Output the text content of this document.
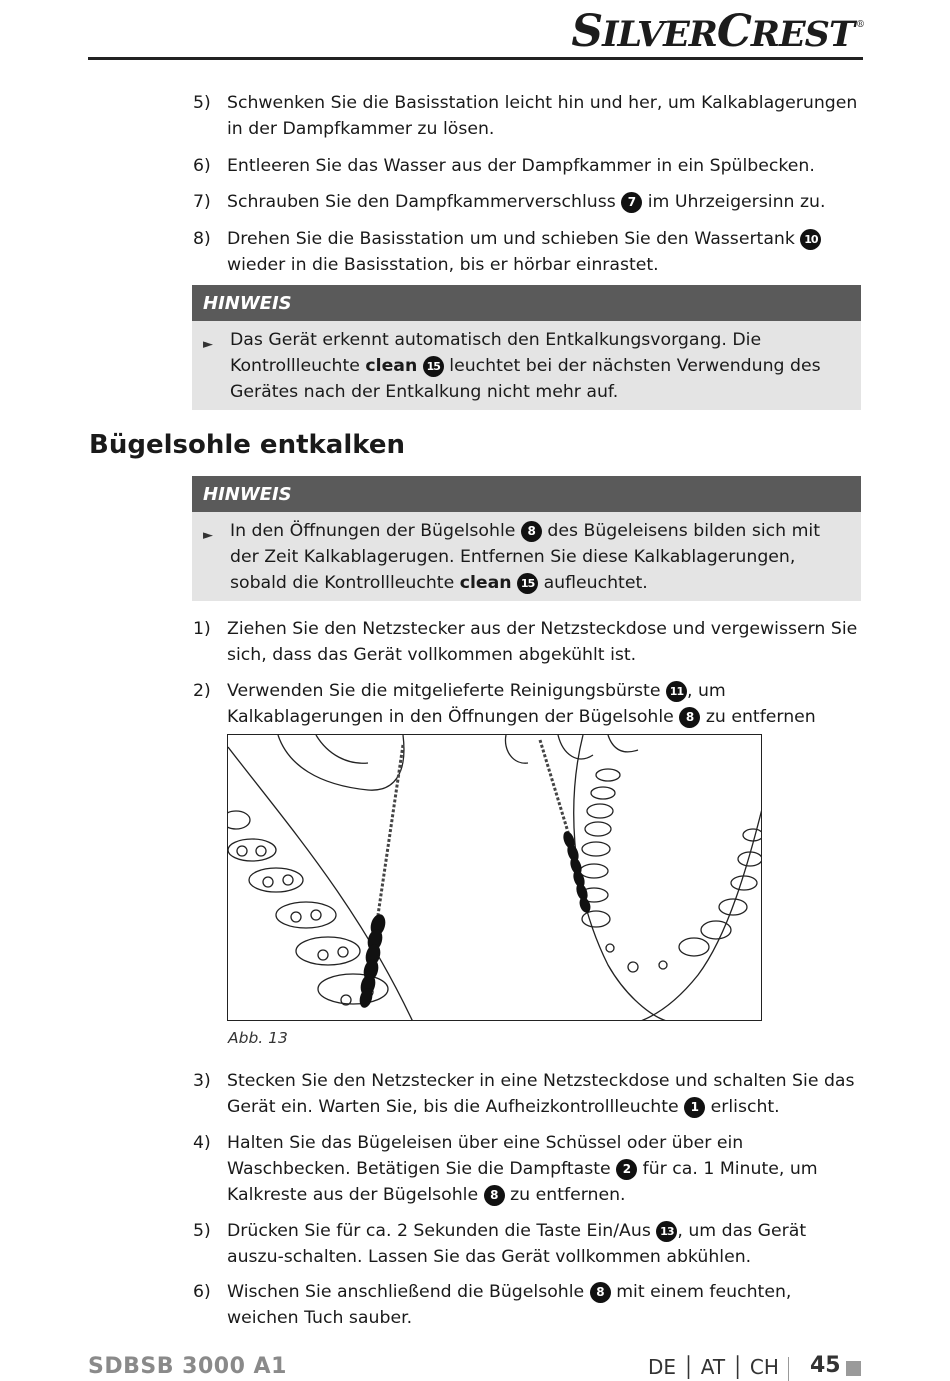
SILVERCREST ®
5) Schwenken Sie die Basisstation leicht hin und her, um Kalkablagerungen in der Dampfkammer zu lösen.
6) Entleeren Sie das Wasser aus der Dampfkammer in ein Spülbecken.
7) Schrauben Sie den Dampfkammerverschluss 7 im Uhrzeigersinn zu.
8) Drehen Sie die Basisstation um und schieben Sie den Wassertank 10 wieder in die Basisstation, bis er hörbar einrastet.
HINWEIS
► Das Gerät erkennt automatisch den Entkalkungsvorgang. Die Kontrollleuchte clean 15 leuchtet bei der nächsten Verwendung des Gerätes nach der Entkalkung nicht mehr auf.
Bügelsohle entkalken
HINWEIS
► In den Öffnungen der Bügelsohle 8 des Bügeleisens bilden sich mit der Zeit Kalkablagerugen. Entfernen Sie diese Kalkablagerungen, sobald die Kontrollleuchte clean 15 aufleuchtet.
1) Ziehen Sie den Netzstecker aus der Netzsteckdose und vergewissern Sie sich, dass das Gerät vollkommen abgekühlt ist.
2) Verwenden Sie die mitgelieferte Reinigungsbürste 11 , um Kalkablagerungen in den Öffnungen der Bügelsohle 8 zu entfernen
Abb. 13
3) Stecken Sie den Netzstecker in eine Netzsteckdose und schalten Sie das Gerät ein. Warten Sie, bis die Aufheizkontrollleuchte 1 erlischt.
4) Halten Sie das Bügeleisen über eine Schüssel oder über ein Waschbecken. Betätigen Sie die Dampftaste 2 für ca. 1 Minute, um Kalkreste aus der Bügelsohle 8 zu entfernen.
5) Drücken Sie für ca. 2 Sekunden die Taste Ein/Aus 13 , um das Gerät auszu-schalten. Lassen Sie das Gerät vollkommen abkühlen.
6) Wischen Sie anschließend die Bügelsohle 8 mit einem feuchten, weichen Tuch sauber.
SDBSB 3000 A1	DE │ AT │ CH 45
